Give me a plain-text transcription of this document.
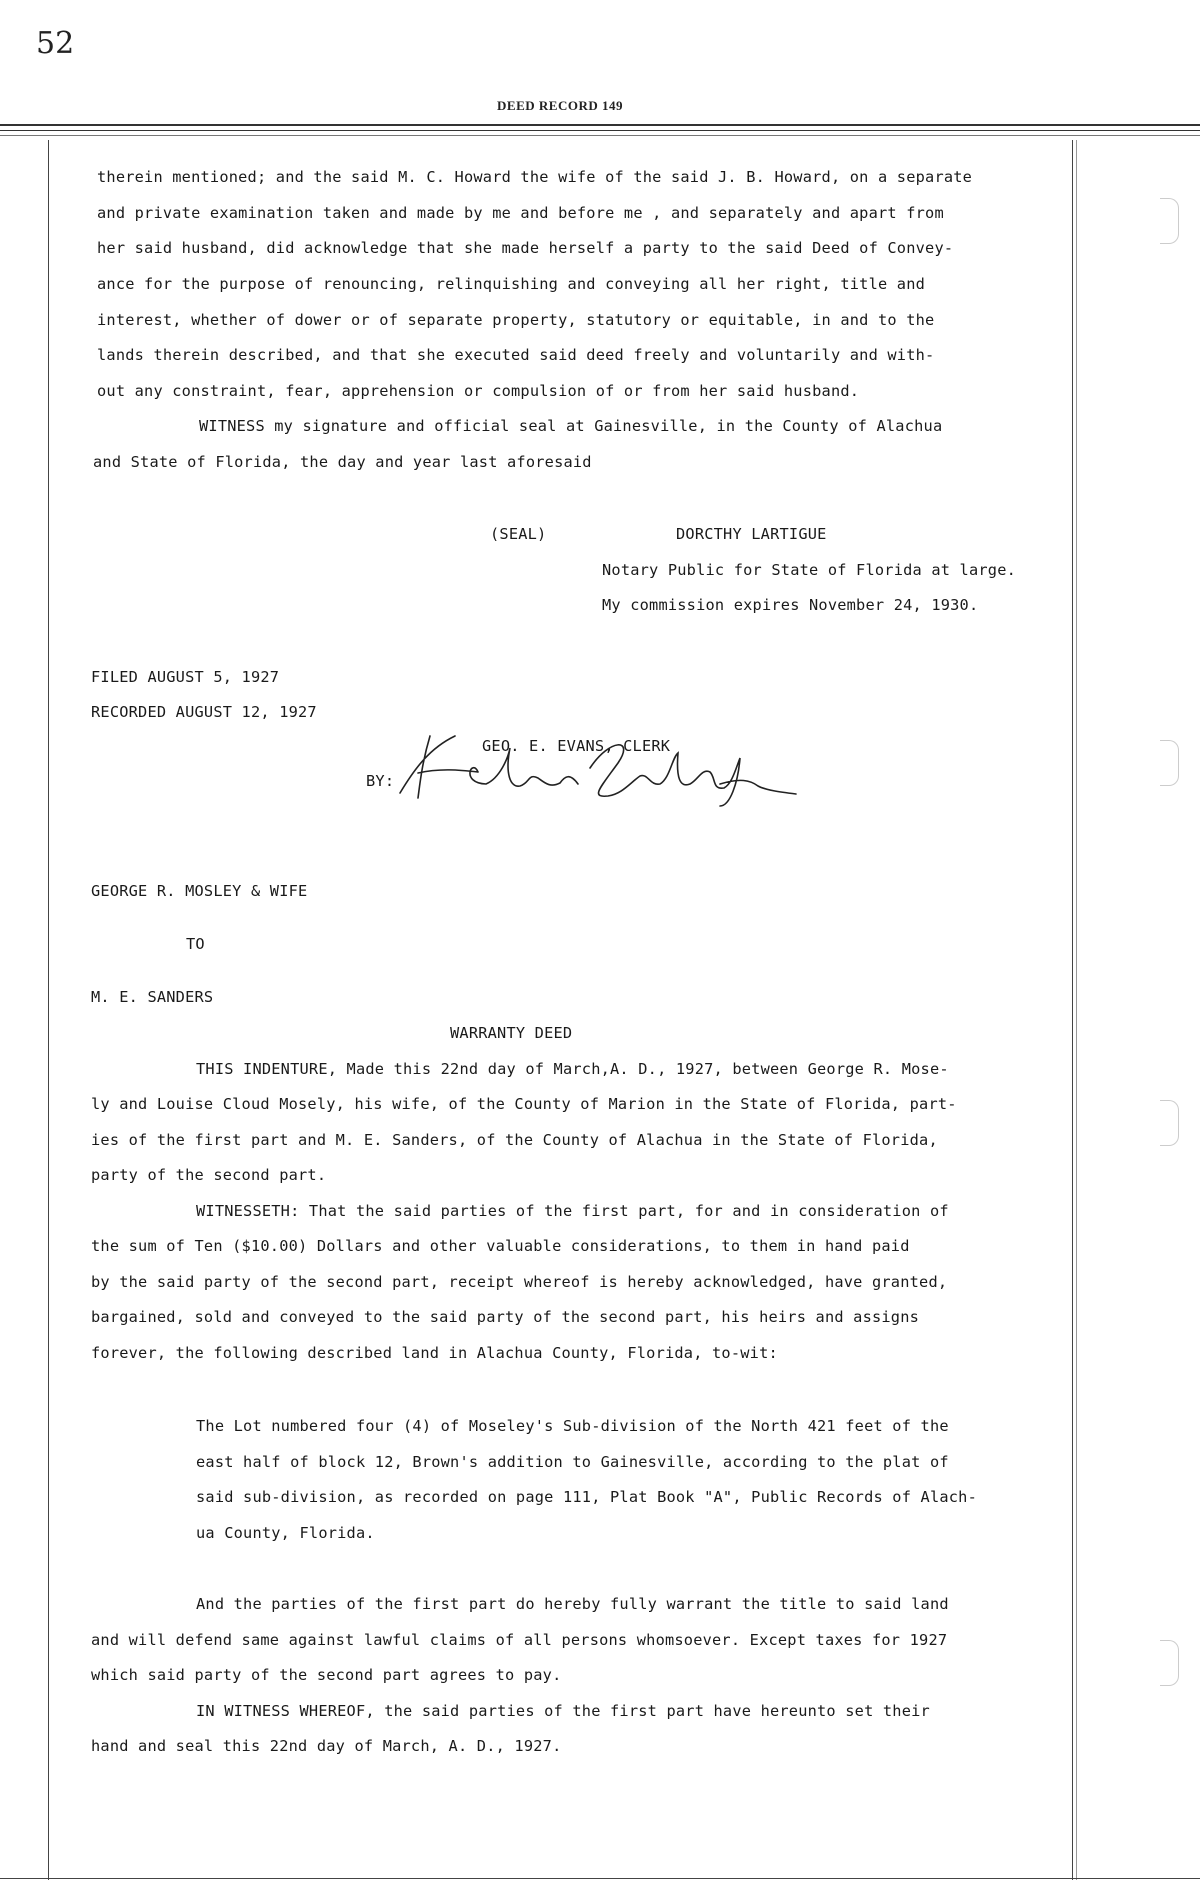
52
DEED RECORD 149
therein mentioned; and the said M. C. Howard the wife of the said J. B. Howard, on a separate
and private examination taken and made by me and before me , and separately and apart from
her said husband, did acknowledge that she made herself a party to the said Deed of Convey-
ance for the purpose of renouncing, relinquishing and conveying all her right, title and
interest, whether of dower or of separate property, statutory or equitable, in and to the
lands therein described, and that she executed said deed freely and voluntarily and with-
out any constraint, fear, apprehension or compulsion of or from her said husband.
WITNESS my signature and official seal at Gainesville, in the County of Alachua
and State of Florida, the day and year last aforesaid
(SEAL)	DORCTHY LARTIGUE
Notary Public for State of Florida at large.
My commission expires November 24, 1930.
FILED AUGUST 5, 1927
RECORDED AUGUST 12, 1927
GEO. E. EVANS, CLERK
BY:
GEORGE R. MOSLEY & WIFE
TO
M. E. SANDERS
WARRANTY DEED
THIS INDENTURE, Made this 22nd day of March,A. D., 1927, between George R. Mose-
ly and Louise Cloud Mosely, his wife, of the County of Marion in the State of Florida, part-
ies of the first part and M. E. Sanders, of the County of Alachua in the State of Florida,
party of the second part.
WITNESSETH: That the said parties of the first part, for and in consideration of
the sum of Ten ($10.00) Dollars and other valuable considerations, to them in hand paid
by the said party of the second part, receipt whereof is hereby acknowledged, have granted,
bargained, sold and conveyed to the said party of the second part, his heirs and assigns
forever, the following described land in Alachua County, Florida, to-wit:
The Lot numbered four (4) of Moseley's Sub-division of the North 421 feet of the
east half of block 12, Brown's addition to Gainesville, according to the plat of
said sub-division, as recorded on page 111, Plat Book "A", Public Records of Alach-
ua County, Florida.
And the parties of the first part do hereby fully warrant the title to said land
and will defend same against lawful claims of all persons whomsoever. Except taxes for 1927
which said party of the second part agrees to pay.
IN WITNESS WHEREOF, the said parties of the first part have hereunto set their
hand and seal this 22nd day of March, A. D., 1927.
